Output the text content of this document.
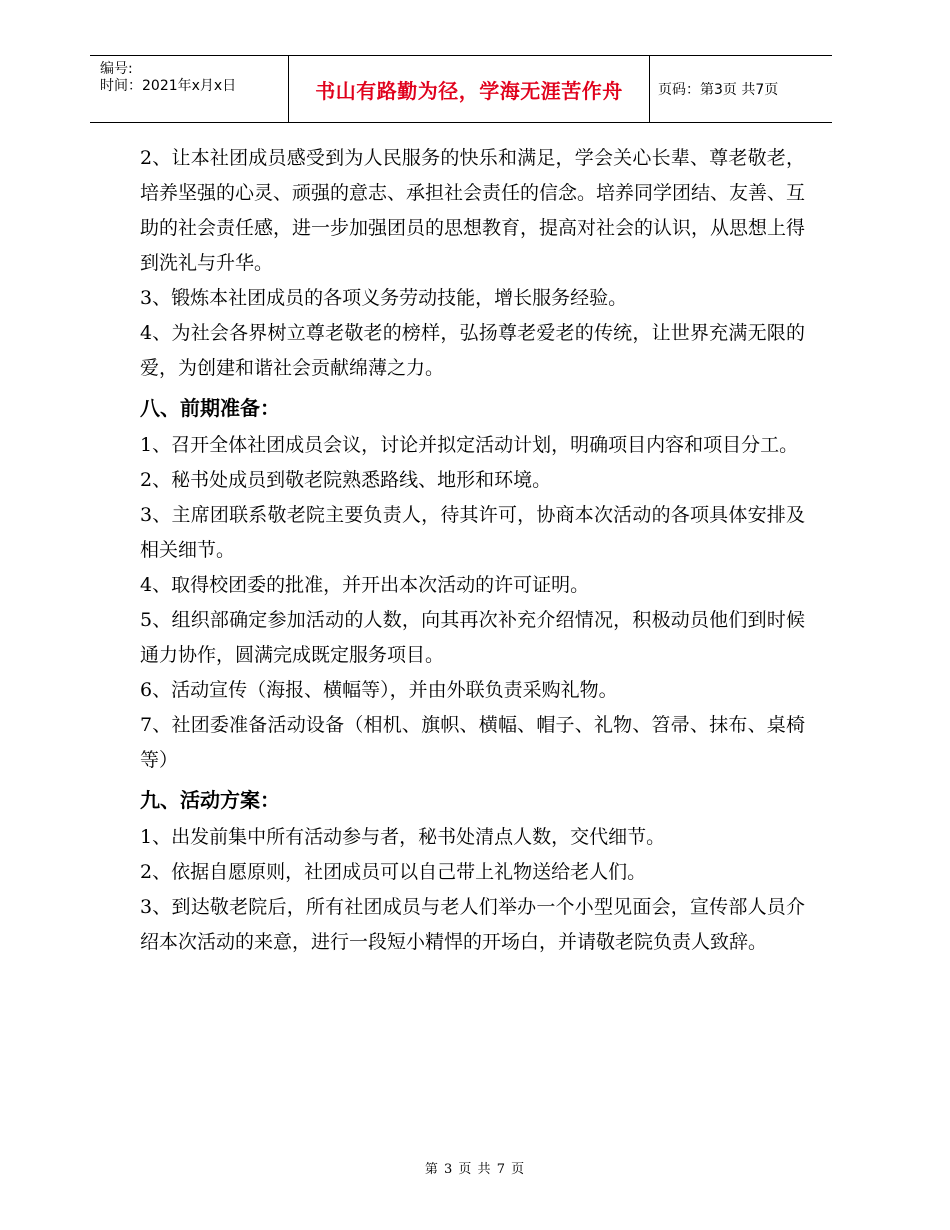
编号:
时间：2021年x月x日	书山有路勤为径，学海无涯苦作舟	页码：第3页 共7页

2、让本社团成员感受到为人民服务的快乐和满足，学会关心长辈、尊老敬老，培养坚强的心灵、顽强的意志、承担社会责任的信念。培养同学团结、友善、互助的社会责任感，进一步加强团员的思想教育，提高对社会的认识，从思想上得到洗礼与升华。

3、锻炼本社团成员的各项义务劳动技能，增长服务经验。

4、为社会各界树立尊老敬老的榜样，弘扬尊老爱老的传统，让世界充满无限的爱，为创建和谐社会贡献绵薄之力。

八、前期准备：

1、召开全体社团成员会议，讨论并拟定活动计划，明确项目内容和项目分工。

2、秘书处成员到敬老院熟悉路线、地形和环境。

3、主席团联系敬老院主要负责人，待其许可，协商本次活动的各项具体安排及相关细节。

4、取得校团委的批准，并开出本次活动的许可证明。

5、组织部确定参加活动的人数，向其再次补充介绍情况，积极动员他们到时候通力协作，圆满完成既定服务项目。

6、活动宣传（海报、横幅等），并由外联负责采购礼物。

7、社团委准备活动设备（相机、旗帜、横幅、帽子、礼物、笤帚、抹布、桌椅等）

九、活动方案：

1、出发前集中所有活动参与者，秘书处清点人数，交代细节。

2、依据自愿原则，社团成员可以自己带上礼物送给老人们。

3、到达敬老院后，所有社团成员与老人们举办一个小型见面会，宣传部人员介绍本次活动的来意，进行一段短小精悍的开场白，并请敬老院负责人致辞。

第 3 页 共 7 页
